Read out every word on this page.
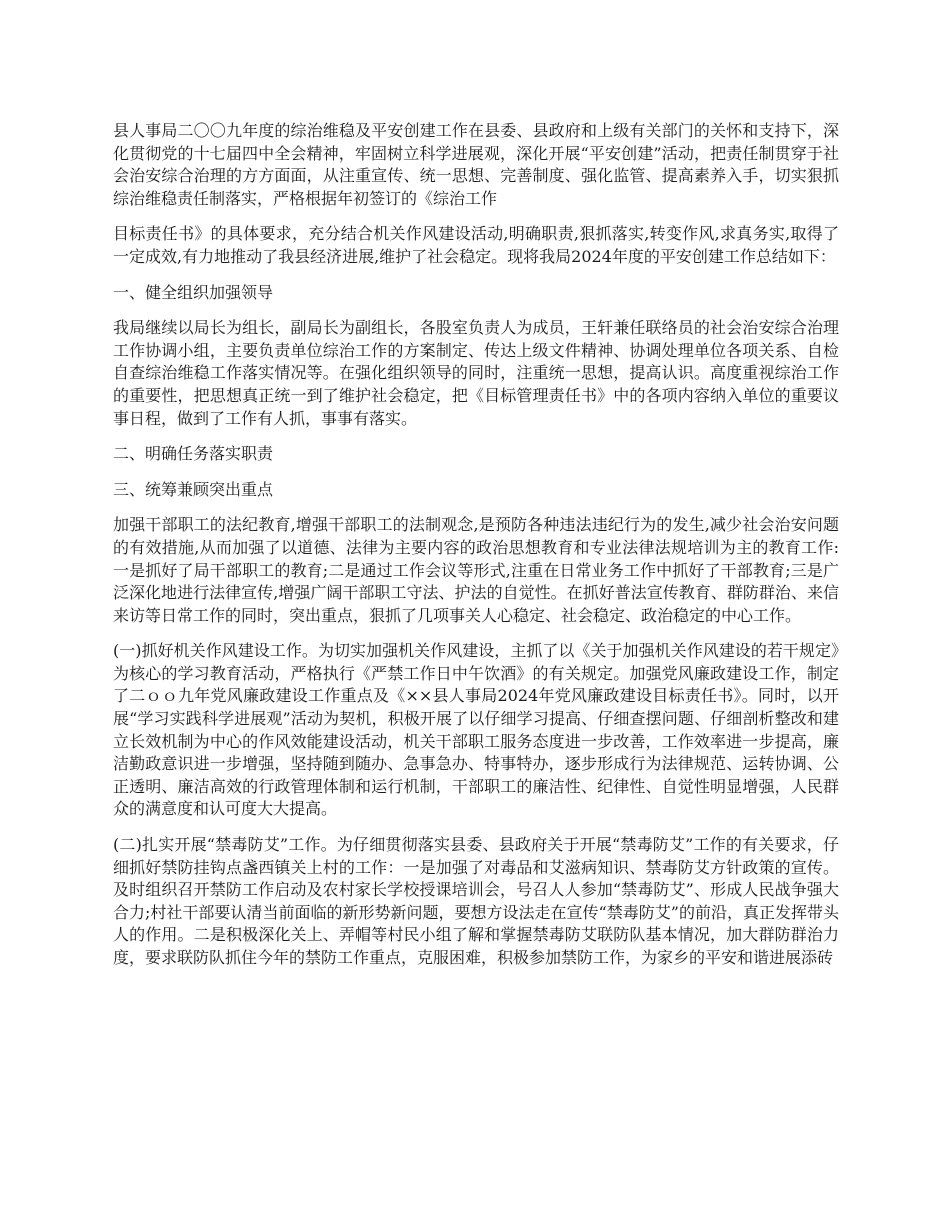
县人事局二〇〇九年度的综治维稳及平安创建工作在县委、县政府和上级有关部门的关怀和支持下，深化贯彻党的十七届四中全会精神，牢固树立科学进展观，深化开展“平安创建”活动，把责任制贯穿于社会治安综合治理的方方面面，从注重宣传、统一思想、完善制度、强化监管、提高素养入手，切实狠抓综治维稳责任制落实，严格根据年初签订的《综治工作

目标责任书》的具体要求，充分结合机关作风建设活动,明确职责,狠抓落实,转变作风,求真务实,取得了一定成效,有力地推动了我县经济进展,维护了社会稳定。现将我局2024年度的平安创建工作总结如下：

一、健全组织加强领导

我局继续以局长为组长，副局长为副组长，各股室负责人为成员，王轩兼任联络员的社会治安综合治理工作协调小组，主要负责单位综治工作的方案制定、传达上级文件精神、协调处理单位各项关系、自检自查综治维稳工作落实情况等。在强化组织领导的同时，注重统一思想，提高认识。高度重视综治工作的重要性，把思想真正统一到了维护社会稳定，把《目标管理责任书》中的各项内容纳入单位的重要议事日程，做到了工作有人抓，事事有落实。

二、明确任务落实职责

三、统筹兼顾突出重点

加强干部职工的法纪教育,增强干部职工的法制观念,是预防各种违法违纪行为的发生,减少社会治安问题的有效措施,从而加强了以道德、法律为主要内容的政治思想教育和专业法律法规培训为主的教育工作:一是抓好了局干部职工的教育;二是通过工作会议等形式,注重在日常业务工作中抓好了干部教育;三是广泛深化地进行法律宣传,增强广阔干部职工守法、护法的自觉性。在抓好普法宣传教育、群防群治、来信来访等日常工作的同时，突出重点，狠抓了几项事关人心稳定、社会稳定、政治稳定的中心工作。

(一)抓好机关作风建设工作。为切实加强机关作风建设，主抓了以《关于加强机关作风建设的若干规定》为核心的学习教育活动，严格执行《严禁工作日中午饮酒》的有关规定。加强党风廉政建设工作，制定了二ｏｏ九年党风廉政建设工作重点及《××县人事局2024年党风廉政建设目标责任书》。同时，以开展“学习实践科学进展观”活动为契机，积极开展了以仔细学习提高、仔细查摆问题、仔细剖析整改和建立长效机制为中心的作风效能建设活动，机关干部职工服务态度进一步改善，工作效率进一步提高，廉洁勤政意识进一步增强，坚持随到随办、急事急办、特事特办，逐步形成行为法律规范、运转协调、公正透明、廉洁高效的行政管理体制和运行机制，干部职工的廉洁性、纪律性、自觉性明显增强，人民群众的满意度和认可度大大提高。

(二)扎实开展“禁毒防艾”工作。为仔细贯彻落实县委、县政府关于开展“禁毒防艾”工作的有关要求，仔细抓好禁防挂钩点盏西镇关上村的工作：一是加强了对毒品和艾滋病知识、禁毒防艾方针政策的宣传。及时组织召开禁防工作启动及农村家长学校授课培训会，号召人人参加“禁毒防艾”、形成人民战争强大合力;村社干部要认清当前面临的新形势新问题，要想方设法走在宣传“禁毒防艾”的前沿，真正发挥带头人的作用。二是积极深化关上、弄帽等村民小组了解和掌握禁毒防艾联防队基本情况，加大群防群治力度，要求联防队抓住今年的禁防工作重点，克服困难，积极参加禁防工作，为家乡的平安和谐进展添砖
